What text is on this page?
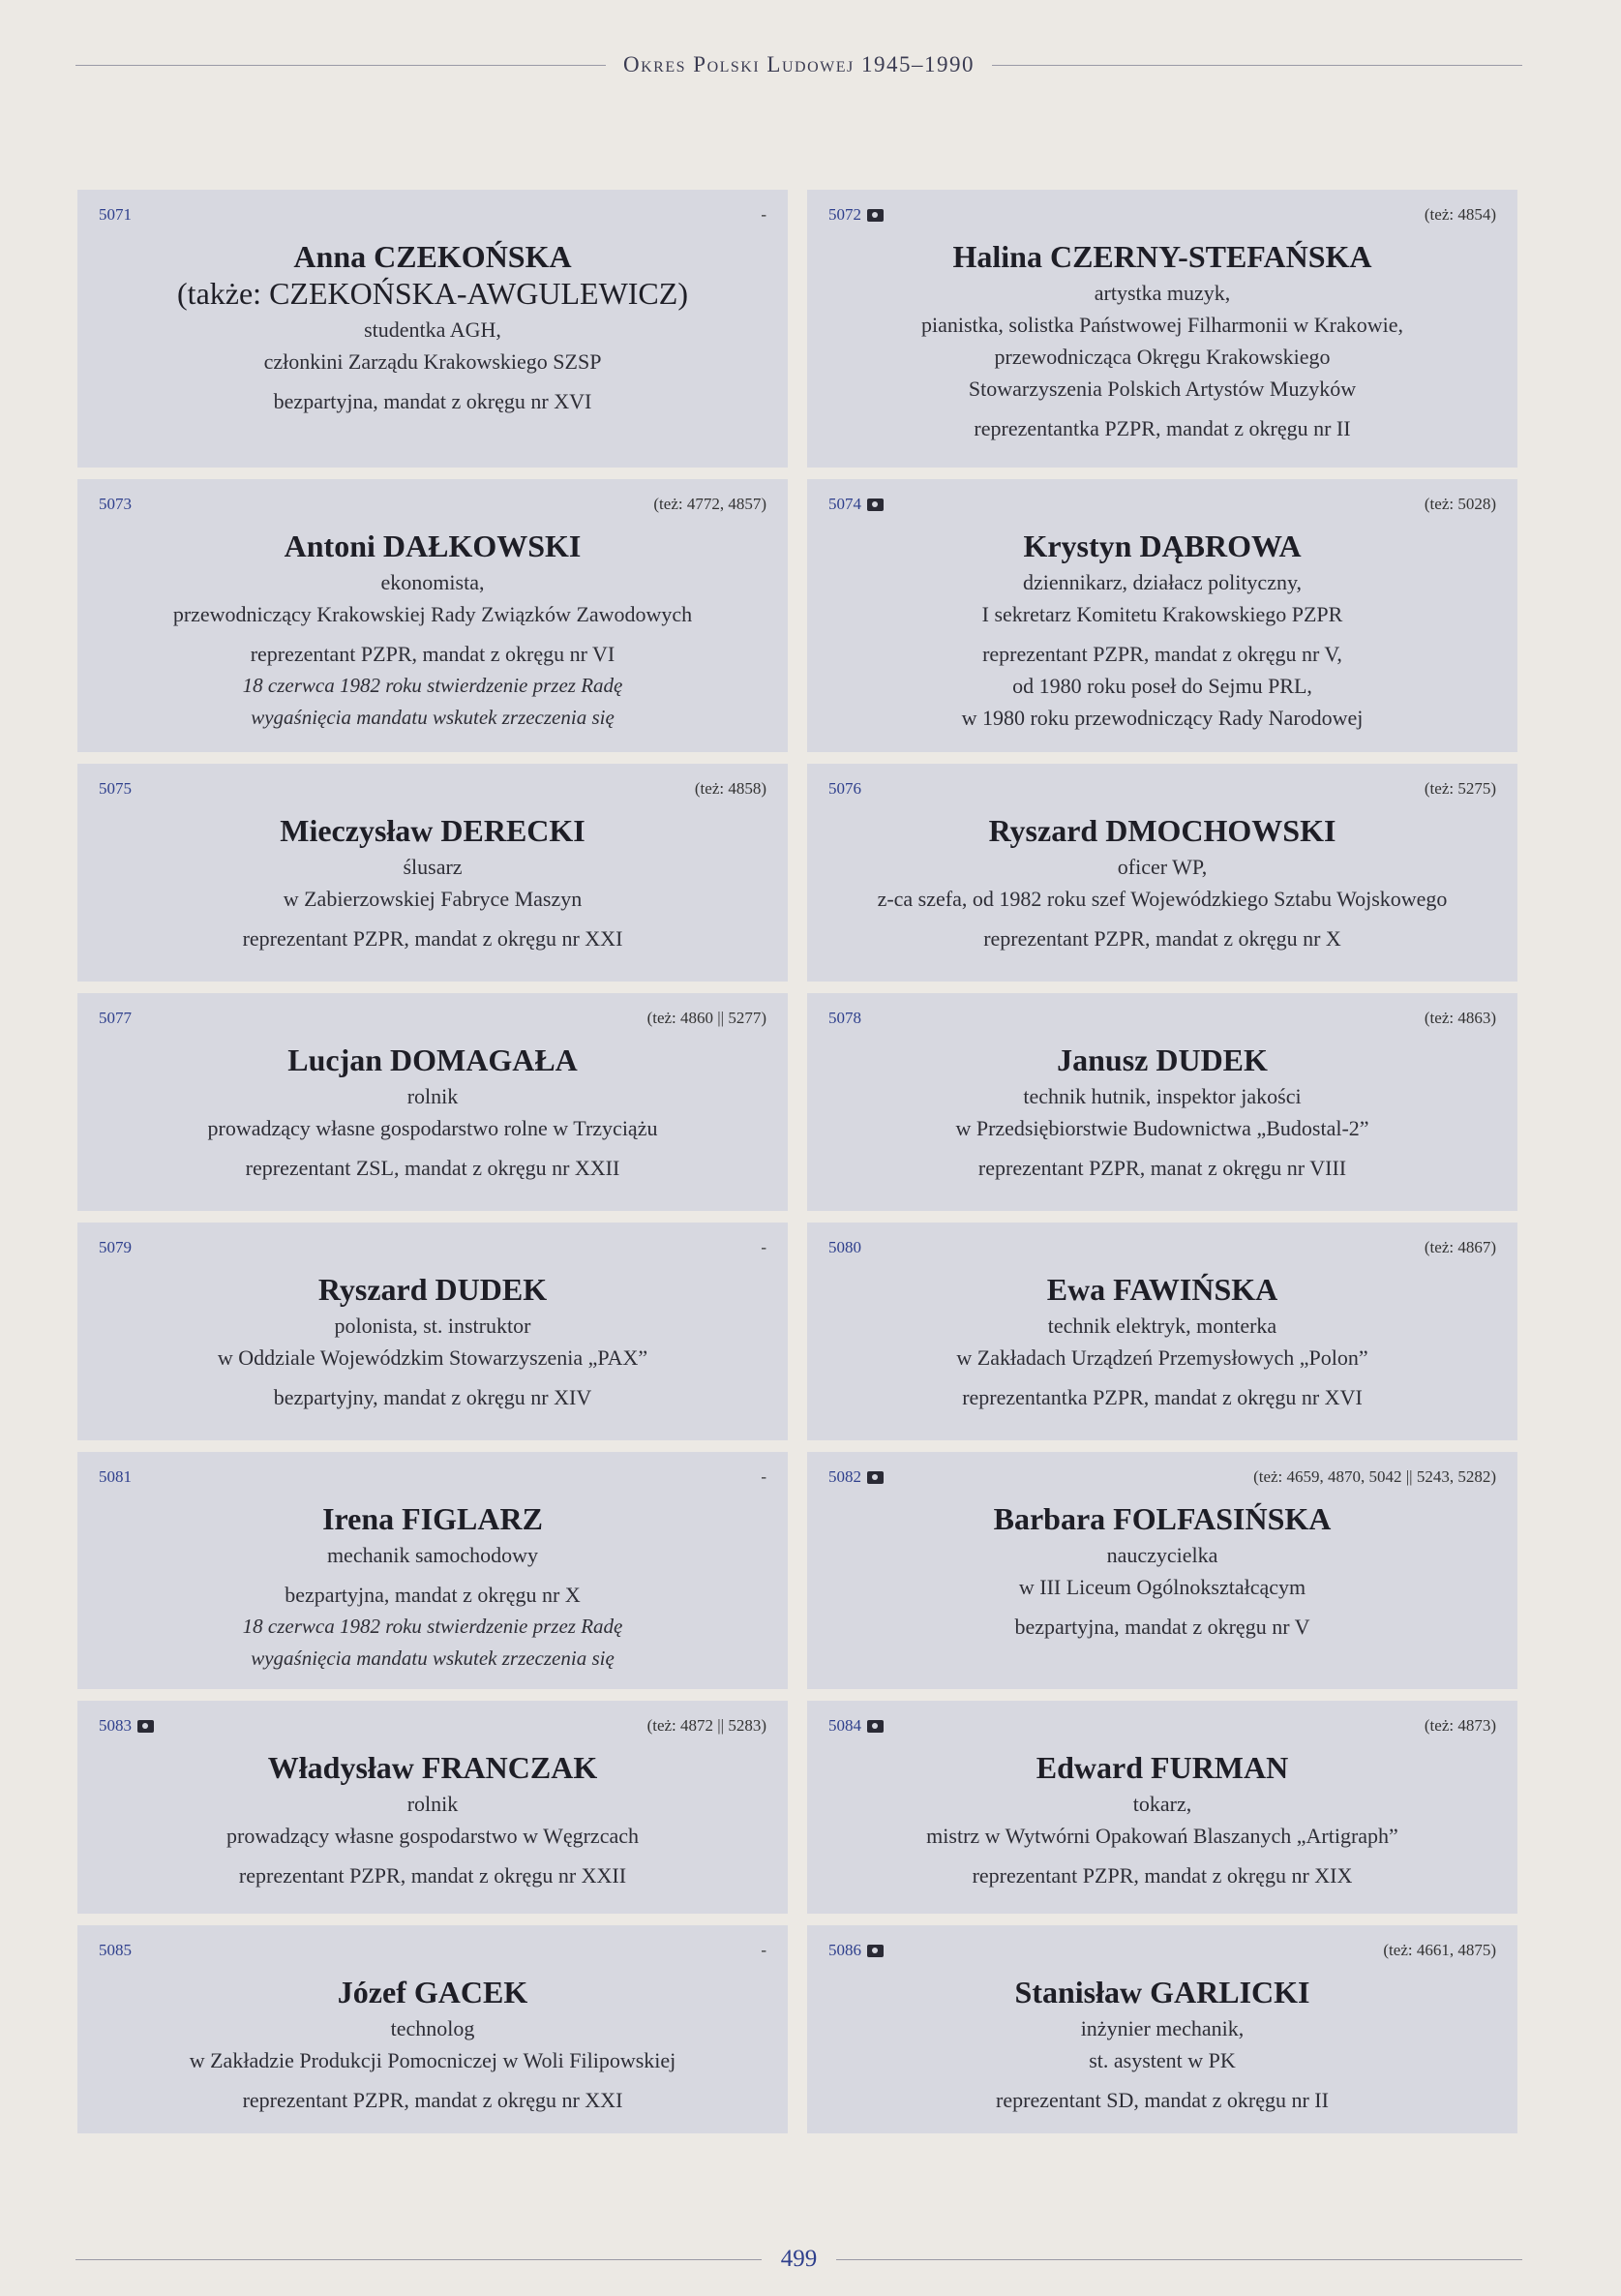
Okres Polski Ludowej 1945–1990
5071	-
Anna CZEKOŃSKA
(także: CZEKOŃSKA-AWGULEWICZ)
studentka AGH,
członkini Zarządu Krakowskiego SZSP
bezpartyjna, mandat z okręgu nr XVI
5072	(też: 4854)
Halina CZERNY-STEFAŃSKA
artystka muzyk,
pianistka, solistka Państwowej Filharmonii w Krakowie,
przewodnicząca Okręgu Krakowskiego
Stowarzyszenia Polskich Artystów Muzyków
reprezentantka PZPR, mandat z okręgu nr II
5073	(też: 4772, 4857)
Antoni DAŁKOWSKI
ekonomista,
przewodniczący Krakowskiej Rady Związków Zawodowych
reprezentant PZPR, mandat z okręgu nr VI
18 czerwca 1982 roku stwierdzenie przez Radę
wygaśnięcia mandatu wskutek zrzeczenia się
5074	(też: 5028)
Krystyn DĄBROWA
dziennikarz, działacz polityczny,
I sekretarz Komitetu Krakowskiego PZPR
reprezentant PZPR, mandat z okręgu nr V,
od 1980 roku poseł do Sejmu PRL,
w 1980 roku przewodniczący Rady Narodowej
5075	(też: 4858)
Mieczysław DERECKI
ślusarz
w Zabierzowskiej Fabryce Maszyn
reprezentant PZPR, mandat z okręgu nr XXI
5076	(też: 5275)
Ryszard DMOCHOWSKI
oficer WP,
z-ca szefa, od 1982 roku szef Wojewódzkiego Sztabu Wojskowego
reprezentant PZPR, mandat z okręgu nr X
5077	(też: 4860 || 5277)
Lucjan DOMAGAŁA
rolnik
prowadzący własne gospodarstwo rolne w Trzyciążu
reprezentant ZSL, mandat z okręgu nr XXII
5078	(też: 4863)
Janusz DUDEK
technik hutnik, inspektor jakości
w Przedsiębiorstwie Budownictwa „Budostal-2”
reprezentant PZPR, manat z okręgu nr VIII
5079	-
Ryszard DUDEK
polonista, st. instruktor
w Oddziale Wojewódzkim Stowarzyszenia „PAX”
bezpartyjny, mandat z okręgu nr XIV
5080	(też: 4867)
Ewa FAWIŃSKA
technik elektryk, monterka
w Zakładach Urządzeń Przemysłowych „Polon”
reprezentantka PZPR, mandat z okręgu nr XVI
5081	-
Irena FIGLARZ
mechanik samochodowy
bezpartyjna, mandat z okręgu nr X
18 czerwca 1982 roku stwierdzenie przez Radę
wygaśnięcia mandatu wskutek zrzeczenia się
5082	(też: 4659, 4870, 5042 || 5243, 5282)
Barbara FOLFASIŃSKA
nauczycielka
w III Liceum Ogólnokształcącym
bezpartyjna, mandat z okręgu nr V
5083	(też: 4872 || 5283)
Władysław FRANCZAK
rolnik
prowadzący własne gospodarstwo w Węgrzcach
reprezentant PZPR, mandat z okręgu nr XXII
5084	(też: 4873)
Edward FURMAN
tokarz,
mistrz w Wytwórni Opakowań Blaszanych „Artigraph”
reprezentant PZPR, mandat z okręgu nr XIX
5085	-
Józef GACEK
technolog
w Zakładzie Produkcji Pomocniczej w Woli Filipowskiej
reprezentant PZPR, mandat z okręgu nr XXI
5086	(też: 4661, 4875)
Stanisław GARLICKI
inżynier mechanik,
st. asystent w PK
reprezentant SD, mandat z okręgu nr II
499
